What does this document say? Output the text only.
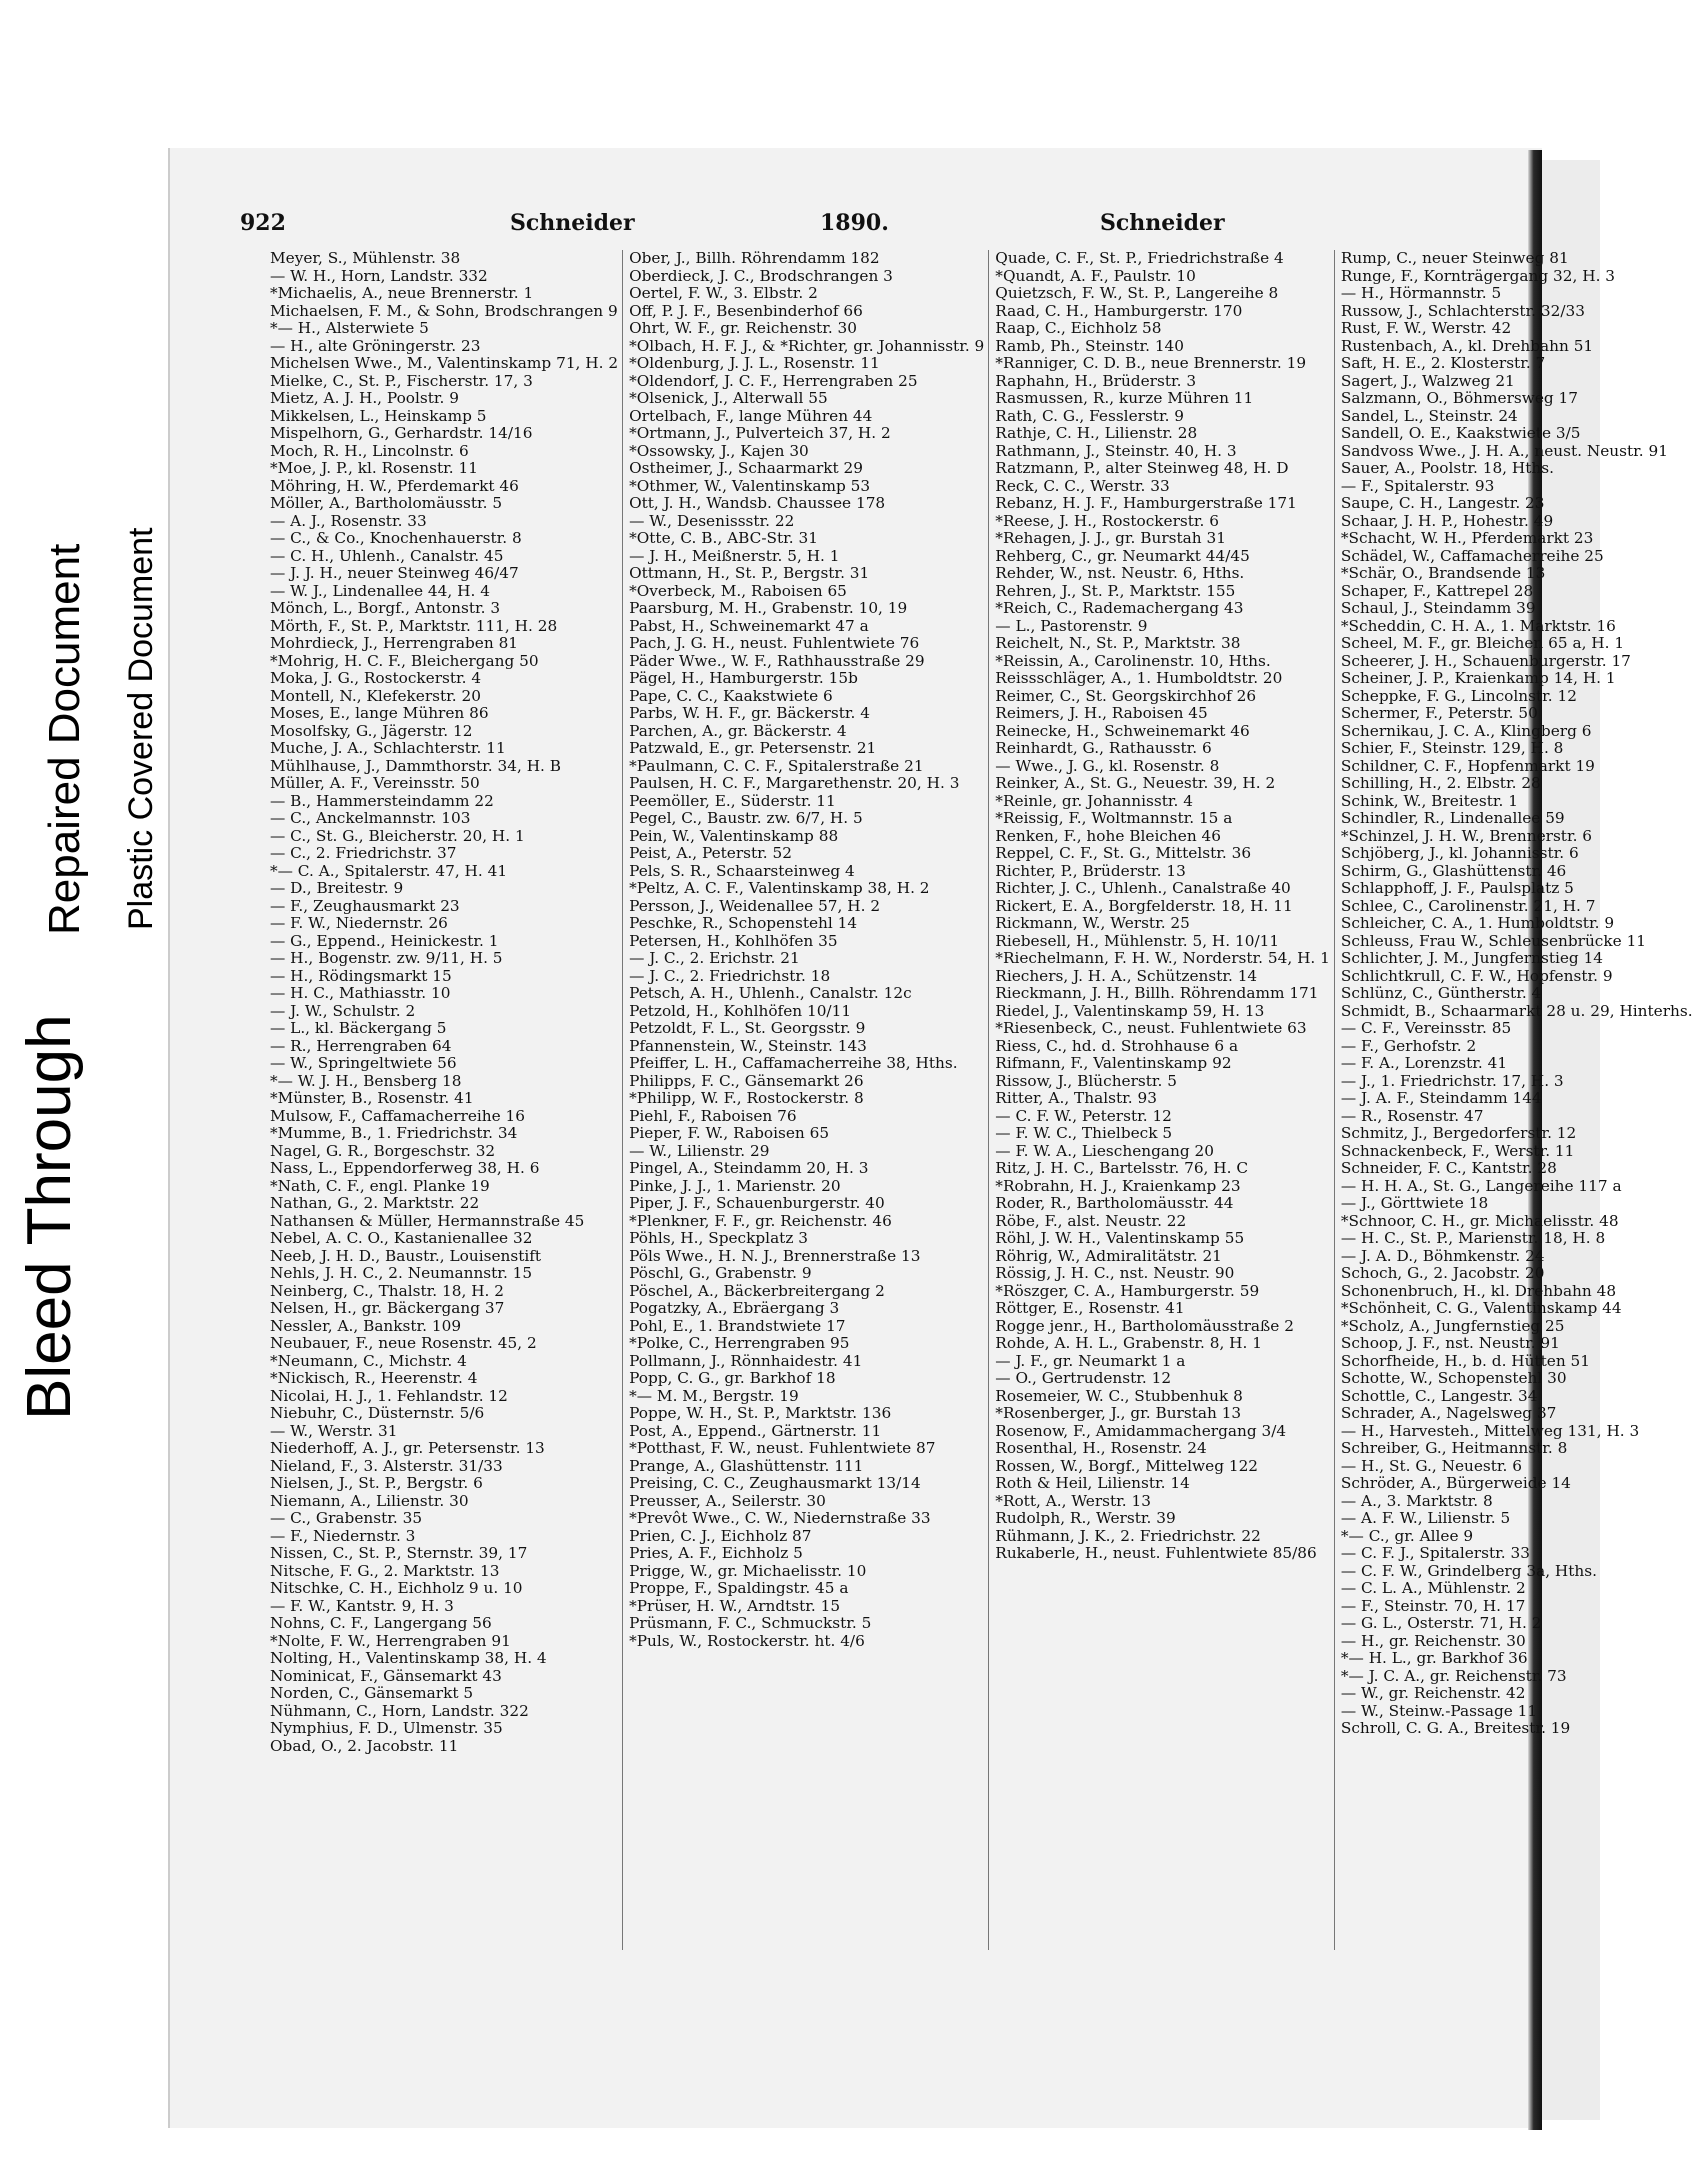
Bleed Through
Repaired Document Plastic Covered Document
922	Schneider	1890.	Schneider
Meyer, S., Mühlenstr. 38
— W. H., Horn, Landstr. 332
*Michaelis, A., neue Brennerstr. 1
Michaelsen, F. M., & Sohn, Brodschrangen 9
*— H., Alsterwiete 5
— H., alte Gröningerstr. 23
Michelsen Wwe., M., Valentinskamp 71, H. 2
Mielke, C., St. P., Fischerstr. 17, 3
Mietz, A. J. H., Poolstr. 9
Mikkelsen, L., Heinskamp 5
Mispelhorn, G., Gerhardstr. 14/16
Moch, R. H., Lincolnstr. 6
*Moe, J. P., kl. Rosenstr. 11
Möhring, H. W., Pferdemarkt 46
Möller, A., Bartholomäusstr. 5
— A. J., Rosenstr. 33
— C., & Co., Knochenhauerstr. 8
— C. H., Uhlenh., Canalstr. 45
— J. J. H., neuer Steinweg 46/47
— W. J., Lindenallee 44, H. 4
Mönch, L., Borgf., Antonstr. 3
Mörth, F., St. P., Marktstr. 111, H. 28
Mohrdieck, J., Herrengraben 81
*Mohrig, H. C. F., Bleichergang 50
Moka, J. G., Rostockerstr. 4
Montell, N., Klefekerstr. 20
Moses, E., lange Mühren 86
Mosolfsky, G., Jägerstr. 12
Muche, J. A., Schlachterstr. 11
Mühlhause, J., Dammthorstr. 34, H. B
Müller, A. F., Vereinsstr. 50
— B., Hammersteindamm 22
— C., Anckelmannstr. 103
— C., St. G., Bleicherstr. 20, H. 1
— C., 2. Friedrichstr. 37
*— C. A., Spitalerstr. 47, H. 41
— D., Breitestr. 9
— F., Zeughausmarkt 23
— F. W., Niedernstr. 26
— G., Eppend., Heinickestr. 1
— H., Bogenstr. zw. 9/11, H. 5
— H., Rödingsmarkt 15
— H. C., Mathiasstr. 10
— J. W., Schulstr. 2
— L., kl. Bäckergang 5
— R., Herrengraben 64
— W., Springeltwiete 56
*— W. J. H., Bensberg 18
*Münster, B., Rosenstr. 41
Mulsow, F., Caffamacherreihe 16
*Mumme, B., 1. Friedrichstr. 34
Nagel, G. R., Borgeschstr. 32
Nass, L., Eppendorferweg 38, H. 6
*Nath, C. F., engl. Planke 19
Nathan, G., 2. Marktstr. 22
Nathansen & Müller, Hermannstraße 45
Nebel, A. C. O., Kastanienallee 32
Neeb, J. H. D., Baustr., Louisenstift
Nehls, J. H. C., 2. Neumannstr. 15
Neinberg, C., Thalstr. 18, H. 2
Nelsen, H., gr. Bäckergang 37
Nessler, A., Bankstr. 109
Neubauer, F., neue Rosenstr. 45, 2
*Neumann, C., Michstr. 4
*Nickisch, R., Heerenstr. 4
Nicolai, H. J., 1. Fehlandstr. 12
Niebuhr, C., Düsternstr. 5/6
— W., Werstr. 31
Niederhoff, A. J., gr. Petersenstr. 13
Nieland, F., 3. Alsterstr. 31/33
Nielsen, J., St. P., Bergstr. 6
Niemann, A., Lilienstr. 30
— C., Grabenstr. 35
— F., Niedernstr. 3
Nissen, C., St. P., Sternstr. 39, 17
Nitsche, F. G., 2. Marktstr. 13
Nitschke, C. H., Eichholz 9 u. 10
— F. W., Kantstr. 9, H. 3
Nohns, C. F., Langergang 56
*Nolte, F. W., Herrengraben 91
Nolting, H., Valentinskamp 38, H. 4
Nominicat, F., Gänsemarkt 43
Norden, C., Gänsemarkt 5
Nühmann, C., Horn, Landstr. 322
Nymphius, F. D., Ulmenstr. 35
Obad, O., 2. Jacobstr. 11
Ober, J., Billh. Röhrendamm 182
Oberdieck, J. C., Brodschrangen 3
Oertel, F. W., 3. Elbstr. 2
Off, P. J. F., Besenbinderhof 66
Ohrt, W. F., gr. Reichenstr. 30
*Olbach, H. F. J., & *Richter, gr. Johannisstr. 9
*Oldenburg, J. J. L., Rosenstr. 11
*Oldendorf, J. C. F., Herrengraben 25
*Olsenick, J., Alterwall 55
Ortelbach, F., lange Mühren 44
*Ortmann, J., Pulverteich 37, H. 2
*Ossowsky, J., Kajen 30
Ostheimer, J., Schaarmarkt 29
*Othmer, W., Valentinskamp 53
Ott, J. H., Wandsb. Chaussee 178
— W., Desenissstr. 22
*Otte, C. B., ABC-Str. 31
— J. H., Meißnerstr. 5, H. 1
Ottmann, H., St. P., Bergstr. 31
*Overbeck, M., Raboisen 65
Paarsburg, M. H., Grabenstr. 10, 19
Pabst, H., Schweinemarkt 47 a
Pach, J. G. H., neust. Fuhlentwiete 76
Päder Wwe., W. F., Rathhausstraße 29
Pägel, H., Hamburgerstr. 15b
Pape, C. C., Kaakstwiete 6
Parbs, W. H. F., gr. Bäckerstr. 4
Parchen, A., gr. Bäckerstr. 4
Patzwald, E., gr. Petersenstr. 21
*Paulmann, C. C. F., Spitalerstraße 21
Paulsen, H. C. F., Margarethenstr. 20, H. 3
Peemöller, E., Süderstr. 11
Pegel, C., Baustr. zw. 6/7, H. 5
Pein, W., Valentinskamp 88
Peist, A., Peterstr. 52
Pels, S. R., Schaarsteinweg 4
*Peltz, A. C. F., Valentinskamp 38, H. 2
Persson, J., Weidenallee 57, H. 2
Peschke, R., Schopenstehl 14
Petersen, H., Kohlhöfen 35
— J. C., 2. Erichstr. 21
— J. C., 2. Friedrichstr. 18
Petsch, A. H., Uhlenh., Canalstr. 12c
Petzold, H., Kohlhöfen 10/11
Petzoldt, F. L., St. Georgsstr. 9
Pfannenstein, W., Steinstr. 143
Pfeiffer, L. H., Caffamacherreihe 38, Hths.
Philipps, F. C., Gänsemarkt 26
*Philipp, W. F., Rostockerstr. 8
Piehl, F., Raboisen 76
Pieper, F. W., Raboisen 65
— W., Lilienstr. 29
Pingel, A., Steindamm 20, H. 3
Pinke, J. J., 1. Marienstr. 20
Piper, J. F., Schauenburgerstr. 40
*Plenkner, F. F., gr. Reichenstr. 46
Pöhls, H., Speckplatz 3
Pöls Wwe., H. N. J., Brennerstraße 13
Pöschl, G., Grabenstr. 9
Pöschel, A., Bäckerbreitergang 2
Pogatzky, A., Ebräergang 3
Pohl, E., 1. Brandstwiete 17
*Polke, C., Herrengraben 95
Pollmann, J., Rönnhaidestr. 41
Popp, C. G., gr. Barkhof 18
*— M. M., Bergstr. 19
Poppe, W. H., St. P., Marktstr. 136
Post, A., Eppend., Gärtnerstr. 11
*Potthast, F. W., neust. Fuhlentwiete 87
Prange, A., Glashüttenstr. 111
Preising, C. C., Zeughausmarkt 13/14
Preusser, A., Seilerstr. 30
*Prevôt Wwe., C. W., Niedernstraße 33
Prien, C. J., Eichholz 87
Pries, A. F., Eichholz 5
Prigge, W., gr. Michaelisstr. 10
Proppe, F., Spaldingstr. 45 a
*Prüser, H. W., Arndtstr. 15
Prüsmann, F. C., Schmuckstr. 5
*Puls, W., Rostockerstr. ht. 4/6
Quade, C. F., St. P., Friedrichstraße 4
*Quandt, A. F., Paulstr. 10
Quietzsch, F. W., St. P., Langereihe 8
Raad, C. H., Hamburgerstr. 170
Raap, C., Eichholz 58
Ramb, Ph., Steinstr. 140
*Ranniger, C. D. B., neue Brennerstr. 19
Raphahn, H., Brüderstr. 3
Rasmussen, R., kurze Mühren 11
Rath, C. G., Fesslerstr. 9
Rathje, C. H., Lilienstr. 28
Rathmann, J., Steinstr. 40, H. 3
Ratzmann, P., alter Steinweg 48, H. D
Reck, C. C., Werstr. 33
Rebanz, H. J. F., Hamburgerstraße 171
*Reese, J. H., Rostockerstr. 6
*Rehagen, J. J., gr. Burstah 31
Rehberg, C., gr. Neumarkt 44/45
Rehder, W., nst. Neustr. 6, Hths.
Rehren, J., St. P., Marktstr. 155
*Reich, C., Rademachergang 43
— L., Pastorenstr. 9
Reichelt, N., St. P., Marktstr. 38
*Reissin, A., Carolinenstr. 10, Hths.
Reissschläger, A., 1. Humboldtstr. 20
Reimer, C., St. Georgskirchhof 26
Reimers, J. H., Raboisen 45
Reinecke, H., Schweinemarkt 46
Reinhardt, G., Rathausstr. 6
— Wwe., J. G., kl. Rosenstr. 8
Reinker, A., St. G., Neuestr. 39, H. 2
*Reinle, gr. Johannisstr. 4
*Reissig, F., Woltmannstr. 15 a
Renken, F., hohe Bleichen 46
Reppel, C. F., St. G., Mittelstr. 36
Richter, P., Brüderstr. 13
Richter, J. C., Uhlenh., Canalstraße 40
Rickert, E. A., Borgfelderstr. 18, H. 11
Rickmann, W., Werstr. 25
Riebesell, H., Mühlenstr. 5, H. 10/11
*Riechelmann, F. H. W., Norderstr. 54, H. 1
Riechers, J. H. A., Schützenstr. 14
Rieckmann, J. H., Billh. Röhrendamm 171
Riedel, J., Valentinskamp 59, H. 13
*Riesenbeck, C., neust. Fuhlentwiete 63
Riess, C., hd. d. Strohhause 6 a
Rifmann, F., Valentinskamp 92
Rissow, J., Blücherstr. 5
Ritter, A., Thalstr. 93
— C. F. W., Peterstr. 12
— F. W. C., Thielbeck 5
— F. W. A., Lieschengang 20
Ritz, J. H. C., Bartelsstr. 76, H. C
*Robrahn, H. J., Kraienkamp 23
Roder, R., Bartholomäusstr. 44
Röbe, F., alst. Neustr. 22
Röhl, J. W. H., Valentinskamp 55
Röhrig, W., Admiralitätstr. 21
Rössig, J. H. C., nst. Neustr. 90
*Röszger, C. A., Hamburgerstr. 59
Röttger, E., Rosenstr. 41
Rogge jenr., H., Bartholomäusstraße 2
Rohde, A. H. L., Grabenstr. 8, H. 1
— J. F., gr. Neumarkt 1 a
— O., Gertrudenstr. 12
Rosemeier, W. C., Stubbenhuk 8
*Rosenberger, J., gr. Burstah 13
Rosenow, F., Amidammachergang 3/4
Rosenthal, H., Rosenstr. 24
Rossen, W., Borgf., Mittelweg 122
Roth & Heil, Lilienstr. 14
*Rott, A., Werstr. 13
Rudolph, R., Werstr. 39
Rühmann, J. K., 2. Friedrichstr. 22
Rukaberle, H., neust. Fuhlentwiete 85/86
Rump, C., neuer Steinweg 81
Runge, F., Kornträgergang 32, H. 3
— H., Hörmannstr. 5
Russow, J., Schlachterstr. 32/33
Rust, F. W., Werstr. 42
Rustenbach, A., kl. Drehbahn 51
Saft, H. E., 2. Klosterstr. 7
Sagert, J., Walzweg 21
Salzmann, O., Böhmersweg 17
Sandel, L., Steinstr. 24
Sandell, O. E., Kaakstwiete 3/5
Sandvoss Wwe., J. H. A., neust. Neustr. 91
Sauer, A., Poolstr. 18, Hths.
— F., Spitalerstr. 93
Saupe, C. H., Langestr. 23
Schaar, J. H. P., Hohestr. 49
*Schacht, W. H., Pferdemarkt 23
Schädel, W., Caffamacherreihe 25
*Schär, O., Brandsende 13
Schaper, F., Kattrepel 28
Schaul, J., Steindamm 39
*Scheddin, C. H. A., 1. Marktstr. 16
Scheel, M. F., gr. Bleichen 65 a, H. 1
Scheerer, J. H., Schauenburgerstr. 17
Scheiner, J. P., Kraienkamp 14, H. 1
Scheppke, F. G., Lincolnstr. 12
Schermer, F., Peterstr. 50
Schernikau, J. C. A., Klingberg 6
Schier, F., Steinstr. 129, H. 8
Schildner, C. F., Hopfenmarkt 19
Schilling, H., 2. Elbstr. 28
Schink, W., Breitestr. 1
Schindler, R., Lindenallee 59
*Schinzel, J. H. W., Brennerstr. 6
Schjöberg, J., kl. Johannisstr. 6
Schirm, G., Glashüttenstr. 46
Schlapphoff, J. F., Paulsplatz 5
Schlee, C., Carolinenstr. 21, H. 7
Schleicher, C. A., 1. Humboldtstr. 9
Schleuss, Frau W., Schleusenbrücke 11
Schlichter, J. M., Jungfernstieg 14
Schlichtkrull, C. F. W., Hopfenstr. 9
Schlünz, C., Güntherstr. 4
Schmidt, B., Schaarmarkt 28 u. 29, Hinterhs.
— C. F., Vereinsstr. 85
— F., Gerhofstr. 2
— F. A., Lorenzstr. 41
— J., 1. Friedrichstr. 17, H. 3
— J. A. F., Steindamm 144
— R., Rosenstr. 47
Schmitz, J., Bergedorferstr. 12
Schnackenbeck, F., Werstr. 11
Schneider, F. C., Kantstr. 28
— H. H. A., St. G., Langereihe 117 a
— J., Görttwiete 18
*Schnoor, C. H., gr. Michaelisstr. 48
— H. C., St. P., Marienstr. 18, H. 8
— J. A. D., Böhmkenstr. 24
Schoch, G., 2. Jacobstr. 20
Schonenbruch, H., kl. Drehbahn 48
*Schönheit, C. G., Valentinskamp 44
*Scholz, A., Jungfernstieg 25
Schoop, J. F., nst. Neustr. 91
Schorfheide, H., b. d. Hütten 51
Schotte, W., Schopenstehl 30
Schottle, C., Langestr. 34
Schrader, A., Nagelsweg 37
— H., Harvesteh., Mittelweg 131, H. 3
Schreiber, G., Heitmannstr. 8
— H., St. G., Neuestr. 6
Schröder, A., Bürgerweide 14
— A., 3. Marktstr. 8
— A. F. W., Lilienstr. 5
*— C., gr. Allee 9
— C. F. J., Spitalerstr. 33
— C. F. W., Grindelberg 3a, Hths.
— C. L. A., Mühlenstr. 2
— F., Steinstr. 70, H. 17
— G. L., Osterstr. 71, H. 2
— H., gr. Reichenstr. 30
*— H. L., gr. Barkhof 36
*— J. C. A., gr. Reichenstr. 73
— W., gr. Reichenstr. 42
— W., Steinw.-Passage 11
Schroll, C. G. A., Breitestr. 19
